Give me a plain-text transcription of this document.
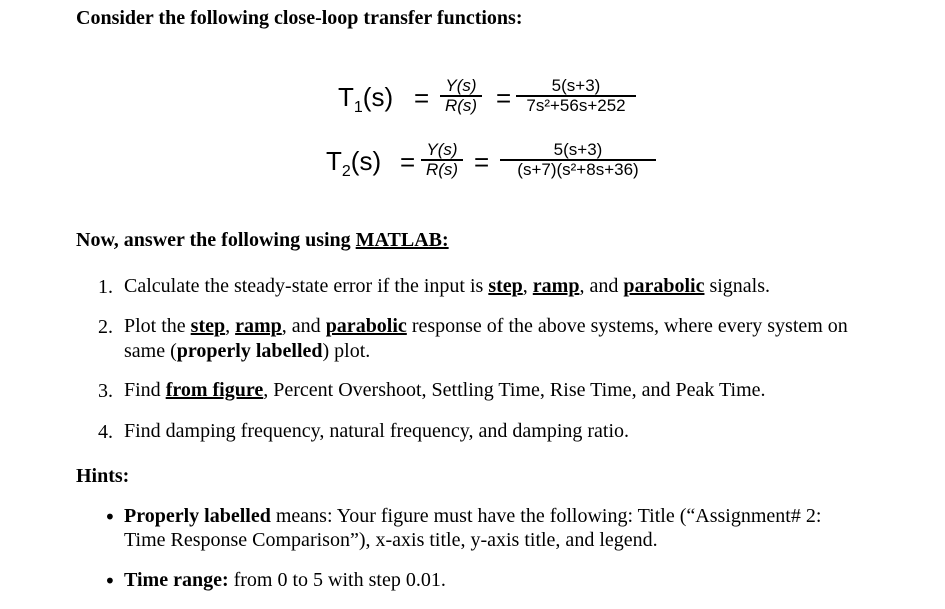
Consider the following close-loop transfer functions:
$T_1(s) = Y(s)$
R(s) =	5(s+3)
7s²+56s+252
$T_2(s) = Y(s)$
R(s) =	5(s+3)
(s+7)(s²+8s+36)
Now, answer the following using MATLAB:
1. Calculate the steady-state error if the input is step, ramp, and parabolic signals.
2. Plot the step, ramp, and parabolic response of the above systems, where every system on
same (properly labelled) plot.
3. Find from figure, Percent Overshoot, Settling Time, Rise Time, and Peak Time.
4. Find damping frequency, natural frequency, and damping ratio.
Hints:
• Properly labelled means: Your figure must have the following: Title (“Assignment# 2:
Time Response Comparison”), x-axis title, y-axis title, and legend.
• Time range: from 0 to 5 with step 0.01.
